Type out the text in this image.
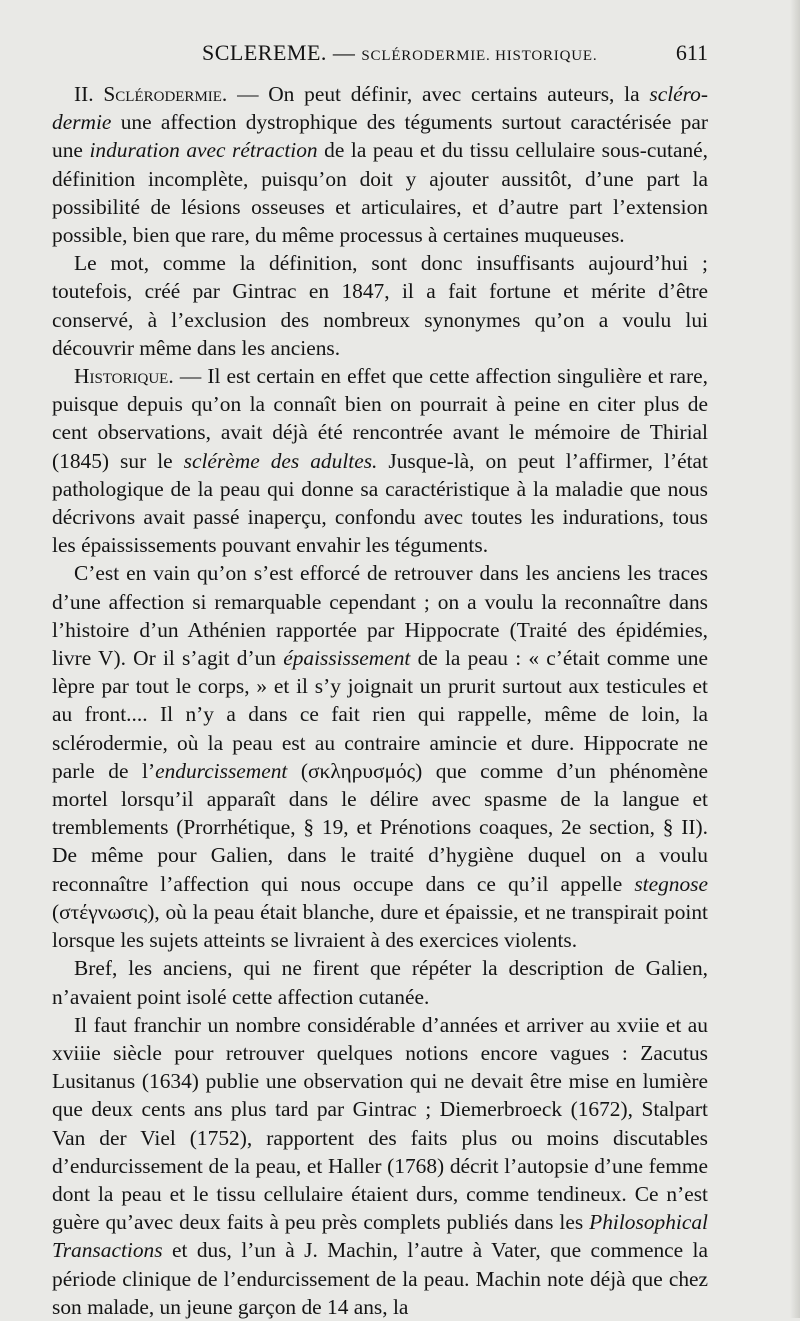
SCLEREME. — SCLÉRODERMIE. HISTORIQUE.	611

II. Sclérodermie. — On peut définir, avec certains auteurs, la scléro-dermie une affection dystrophique des téguments surtout caractérisée par une induration avec rétraction de la peau et du tissu cellulaire sous-cutané, définition incomplète, puisqu’on doit y ajouter aussitôt, d’une part la possibilité de lésions osseuses et articulaires, et d’autre part l’extension possible, bien que rare, du même processus à certaines muqueuses.

Le mot, comme la définition, sont donc insuffisants aujourd’hui ; toutefois, créé par Gintrac en 1847, il a fait fortune et mérite d’être conservé, à l’exclusion des nombreux synonymes qu’on a voulu lui découvrir même dans les anciens.

Historique. — Il est certain en effet que cette affection singulière et rare, puisque depuis qu’on la connaît bien on pourrait à peine en citer plus de cent observations, avait déjà été rencontrée avant le mémoire de Thirial (1845) sur le sclérème des adultes. Jusque-là, on peut l’affirmer, l’état pathologique de la peau qui donne sa caractéristique à la maladie que nous décrivons avait passé inaperçu, confondu avec toutes les indurations, tous les épaississements pouvant envahir les téguments.

C’est en vain qu’on s’est efforcé de retrouver dans les anciens les traces d’une affection si remarquable cependant ; on a voulu la reconnaître dans l’histoire d’un Athénien rapportée par Hippocrate (Traité des épidémies, livre V). Or il s’agit d’un épaississement de la peau : « c’était comme une lèpre par tout le corps, » et il s’y joignait un prurit surtout aux testicules et au front.... Il n’y a dans ce fait rien qui rappelle, même de loin, la sclérodermie, où la peau est au contraire amincie et dure. Hippocrate ne parle de l’endurcissement (σκληρυσμός) que comme d’un phénomène mortel lorsqu’il apparaît dans le délire avec spasme de la langue et tremblements (Prorrhétique, § 19, et Prénotions coaques, 2e section, § II). De même pour Galien, dans le traité d’hygiène duquel on a voulu reconnaître l’affection qui nous occupe dans ce qu’il appelle stegnose (στέγνωσις), où la peau était blanche, dure et épaissie, et ne transpirait point lorsque les sujets atteints se livraient à des exercices violents.

Bref, les anciens, qui ne firent que répéter la description de Galien, n’avaient point isolé cette affection cutanée.

Il faut franchir un nombre considérable d’années et arriver au xviie et au xviiie siècle pour retrouver quelques notions encore vagues : Zacutus Lusitanus (1634) publie une observation qui ne devait être mise en lumière que deux cents ans plus tard par Gintrac ; Diemerbroeck (1672), Stalpart Van der Viel (1752), rapportent des faits plus ou moins discutables d’endurcissement de la peau, et Haller (1768) décrit l’autopsie d’une femme dont la peau et le tissu cellulaire étaient durs, comme tendineux. Ce n’est guère qu’avec deux faits à peu près complets publiés dans les Philosophical Transactions et dus, l’un à J. Machin, l’autre à Vater, que commence la période clinique de l’endurcissement de la peau. Machin note déjà que chez son malade, un jeune garçon de 14 ans, la
